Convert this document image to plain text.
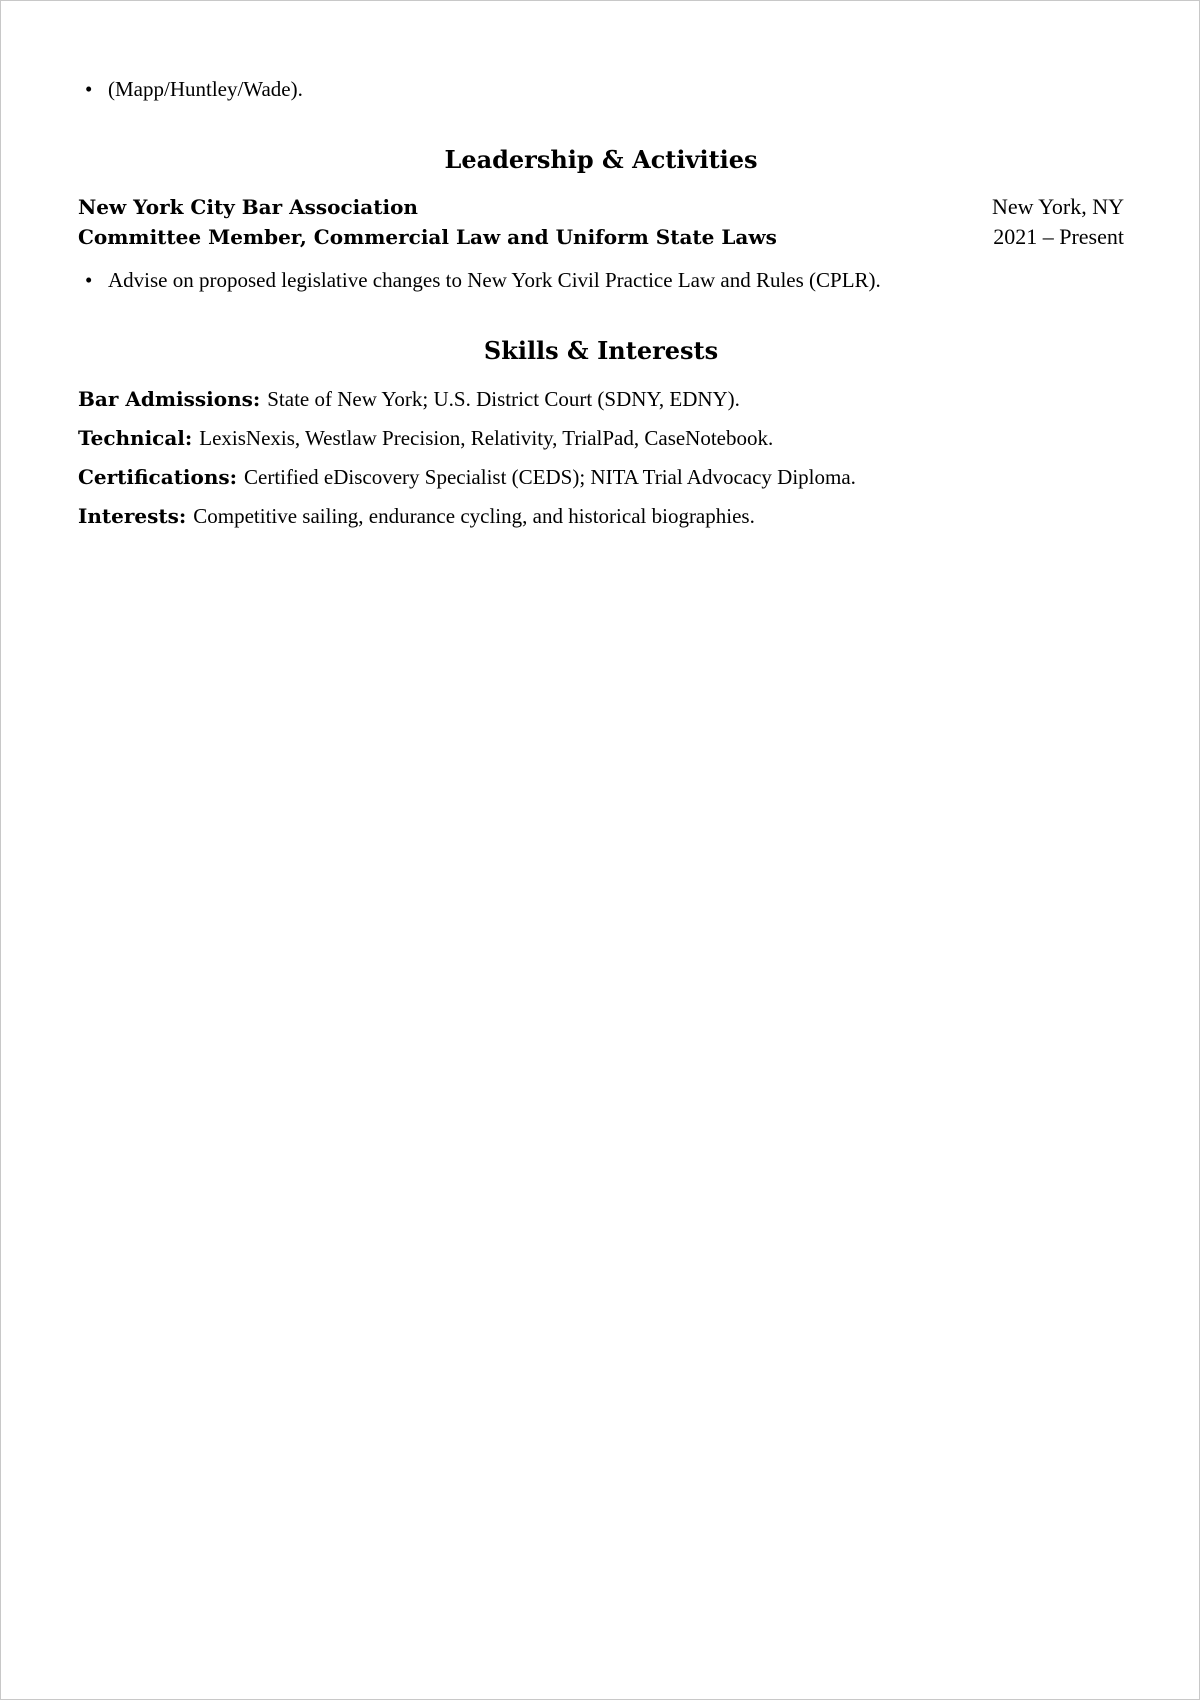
• (Mapp/Huntley/Wade).
Leadership & Activities
New York City Bar Association	New York, NY
Committee Member, Commercial Law and Uniform State Laws	2021 – Present
• Advise on proposed legislative changes to New York Civil Practice Law and Rules (CPLR).
Skills & Interests
Bar Admissions: State of New York; U.S. District Court (SDNY, EDNY).
Technical: LexisNexis, Westlaw Precision, Relativity, TrialPad, CaseNotebook.
Certifications: Certified eDiscovery Specialist (CEDS); NITA Trial Advocacy Diploma.
Interests: Competitive sailing, endurance cycling, and historical biographies.
